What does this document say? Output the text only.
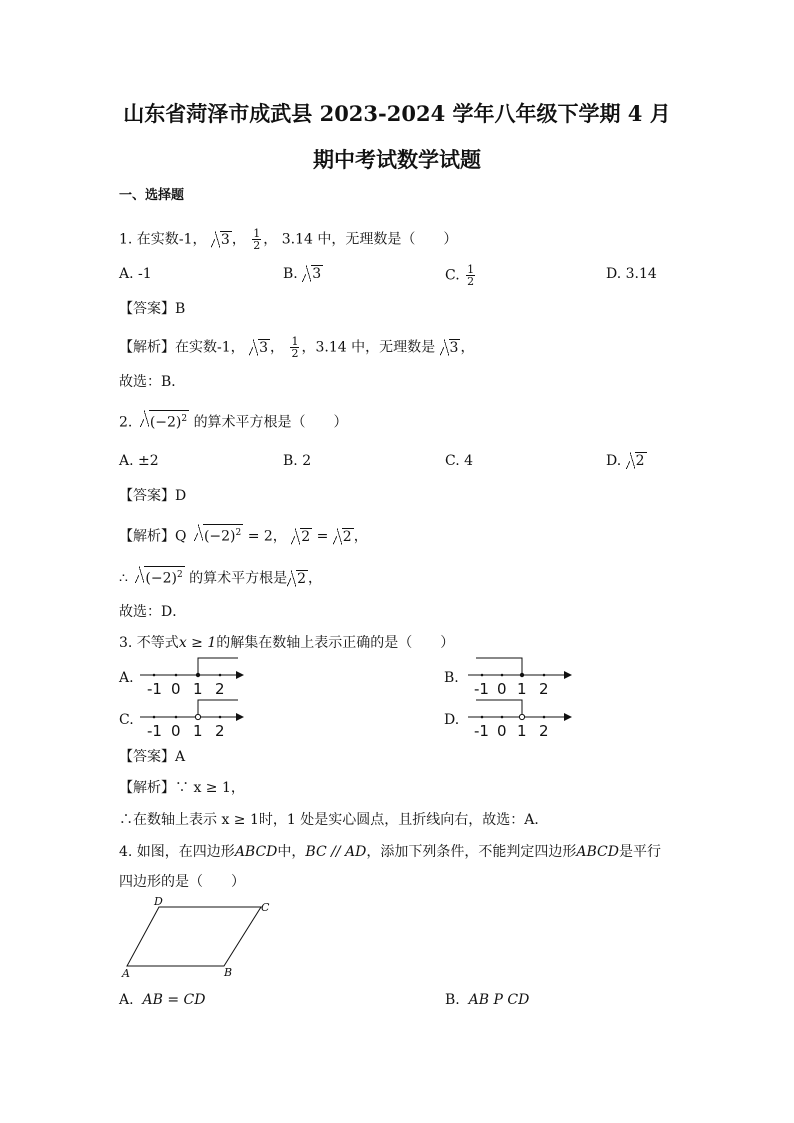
山东省菏泽市成武县 2023-2024 学年八年级下学期 4 月
期中考试数学试题
一、选择题
1. 在实数-1， 3 ， $\frac{1}{2}$ ， 3.14 中，无理数是（　　）
A. -1	B. 3	C. $\frac{1}{2}$	D. 3.14
【答案】B
【解析】在实数-1， 3 ， $\frac{1}{2}$ ，3.14 中，无理数是 3 ，
故选：B．
2. $(-2)^2$ 的算术平方根是（　　）
A. ±2	B. 2	C. 4	D. 2
【答案】D
【解析】Q $(-2)^2 = 2$， 2 = 2 ，
∴ $(-2)^2$ 的算术平方根是 2 ，
故选：D．
3. 不等式x ≥ 1的解集在数轴上表示正确的是（　　）
A.
-1 0 1 2
B.
-1 0 1 2
C.
-1 0 1 2
D.
-1 0 1 2
【答案】A
【解析】∵ x ≥ 1，
∴在数轴上表示 x ≥ 1时，1 处是实心圆点，且折线向右，故选：A．
4. 如图，在四边形ABCD中，BC // AD，添加下列条件，不能判定四边形ABCD是平行
四边形的是（　　）
A	B
C
D
A. AB = CD	B. AB P CD
